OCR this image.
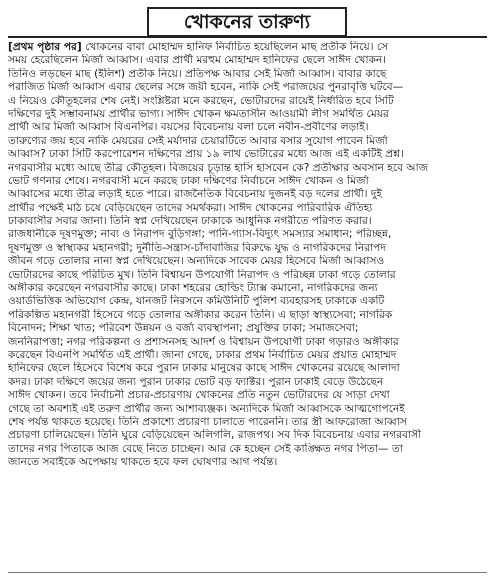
খোকনের তারুণ্য
[প্রথম পৃষ্ঠার পর] খোকনের বাবা মোহাম্মদ হানিফ নির্বাচিত হয়েছিলেন মাছ প্রতীক নিয়ে। সে
সময় হেরেছিলেন মির্জা আব্বাস। এবার প্রার্থী মরহুম মোহাম্মদ হানিফের ছেলে সাঈদ খোকন।
তিনিও লড়ছেন মাছ (ইলিশ) প্রতীক নিয়ে। প্রতিপক্ষ আবার সেই মির্জা আব্বাস। বাবার কাছে
পরাজিত মির্জা আব্বাস এবার ছেলের সঙ্গে জয়ী হবেন, নাকি সেই পরাজয়ের পুনরাবৃত্তি ঘটবে—
এ নিয়েও কৌতূহলের শেষ নেই। সংশ্লিষ্টরা মনে করছেন, ভোটারদের রায়েই নির্ধারিত হবে সিটি
দক্ষিণের দুই সম্ভাবনাময় প্রার্থীর ভাগ্য। সাঈদ খোকন ক্ষমতাসীন আওয়ামী লীগ সমর্থিত মেয়র
প্রার্থী আর মির্জা আব্বাস বিএনপির। বয়সের বিবেচনায় বলা চলে নবীন-প্রবীণের লড়াই।
তারুণ্যের জয় হবে নাকি মেয়রের সেই মর্যাদার চেয়ারটিতে আবার বসার সুযোগ পাবেন মির্জা
আব্বাস? ঢাকা সিটি করপোরেশন দক্ষিণের প্রায় ১৯ লাখ ভোটারের মধ্যে আজ এই একটিই প্রশ্ন।
নগরবাসীর মধ্যে আছে তীব্র কৌতূহল। বিজয়ের চূড়ান্ত হাসি হাসবেন কে? প্রতীক্ষার অবসান হবে আজ
ভোট গণনার শেষে। নগরবাসী মনে করছে ঢাকা দক্ষিণের নির্বাচনে সাঈদ খোকন ও মির্জা
আব্বাসের মধ্যে তীব্র লড়াই হতে পারে। রাজনৈতিক বিবেচনায় দুজনই বড় দলের প্রার্থী। দুই
প্রার্থীর পক্ষেই মাঠ চষে বেড়িয়েছেন তাদের সমর্থকরা। সাঈদ খোকনের পারিবারিক ঐতিহ্য
ঢাকাবাসীর সবার জানা। তিনি স্বপ্ন দেখিয়েছেন ঢাকাকে আধুনিক নগরীতে পরিণত করার।
রাজধানীকে দূষণমুক্ত; নাব্য ও নিরাপদ বুড়িগঙ্গা; পানি-গ্যাস-বিদ্যুৎ সমস্যার সমাধান; পরিচ্ছন্ন,
দূষণমুক্ত ও স্বাস্থ্যকর মহানগরী; দুর্নীতি-সন্ত্রাস-চাঁদাবাজির বিরুদ্ধে যুদ্ধ ও নাগরিকদের নিরাপদ
জীবন গড়ে তোলার নানা স্বপ্ন দেখিয়েছেন। অন্যদিকে সাবেক মেয়র হিসেবে মির্জা আব্বাসও
ভোটারদের কাছে পরিচিত মুখ। তিনি বিশ্বায়ন উপযোগী নিরাপদ ও পরিচ্ছন্ন ঢাকা গড়ে তোলার
অঙ্গীকার করেছেন নগরবাসীর কাছে। ঢাকা শহরের হোল্ডিং ট্যাক্স কমানো, নাগরিকদের জন্য
ওয়ার্ডভিত্তিক অভিযোগ কেন্দ্র, যানজট নিরসনে কমিউনিটি পুলিশ ব্যবহারসহ ঢাকাকে একটি
পরিকল্পিত মহানগরী হিসেবে গড়ে তোলার অঙ্গীকার করেন তিনি। এ ছাড়া স্বাস্থ্যসেবা; নাগরিক
বিনোদন; শিক্ষা খাত; পরিবেশ উন্নয়ন ও বর্জ্য ব্যবস্থাপনা; প্রযুক্তির ঢাকা; সমাজসেবা;
জননিরাপত্তা; নগর পরিকল্পনা ও প্রশাসনসহ আদর্শ ও বিশ্বায়ন উপযোগী ঢাকা গড়ারও অঙ্গীকার
করেছেন বিএনপি সমর্থিত এই প্রার্থী। জানা গেছে, ঢাকার প্রথম নির্বাচিত মেয়র প্রয়াত মোহাম্মদ
হানিফের ছেলে হিসেবে বিশেষ করে পুরান ঢাকার মানুষের কাছে সাঈদ খোকনের রয়েছে আলাদা
কদর। ঢাকা দক্ষিণে জয়ের জন্য পুরান ঢাকার ভোট বড় ফ্যাক্টর। পুরান ঢাকাই বেড়ে উঠেছেন
সাঈদ খোকন। তবে নির্বাচনী প্রচার-প্রচারণায় খোকনের প্রতি নতুন ভোটারদের যে সাড়া দেখা
গেছে তা অবশ্যই এই তরুণ প্রার্থীর জন্য আশাব্যঞ্জক। অন্যদিকে মির্জা আব্বাসকে আত্মগোপনেই
শেষ পর্যন্ত থাকতে হয়েছে। তিনি প্রকাশ্যে প্রচারণা চালাতে পারেননি। তার স্ত্রী আফরোজা আব্বাস
প্রচারণা চালিয়েছেন। তিনি ঘুরে বেড়িয়েছেন অলিগলি, রাজপথ। সব দিক বিবেচনায় এবার নগরবাসী
তাদের নগর পিতাকে আজ বেছে নিতে চাচ্ছেন। আর কে হচ্ছেন সেই কাঙ্ক্ষিত নগর পিতা— তা
জানতে সবাইকে অপেক্ষায় থাকতে হবে ফল ঘোষণার আগ পর্যন্ত।
